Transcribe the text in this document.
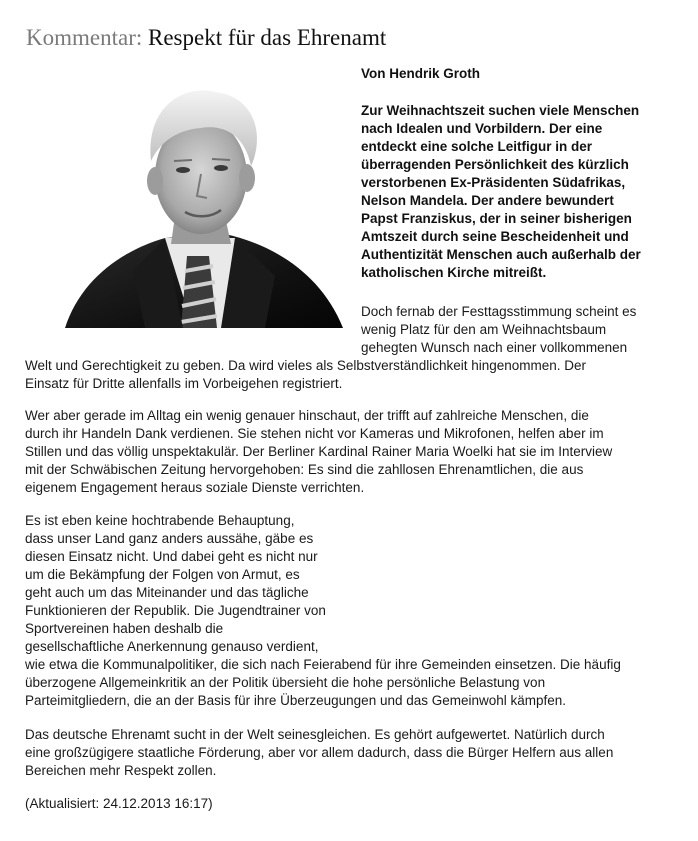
Kommentar: Respekt für das Ehrenamt
Von Hendrik Groth
Zur Weihnachtszeit suchen viele Menschen
nach Idealen und Vorbildern. Der eine
entdeckt eine solche Leitfigur in der
überragenden Persönlichkeit des kürzlich
verstorbenen Ex-Präsidenten Südafrikas,
Nelson Mandela. Der andere bewundert
Papst Franziskus, der in seiner bisherigen
Amtszeit durch seine Bescheidenheit und
Authentizität Menschen auch außerhalb der
katholischen Kirche mitreißt.
Doch fernab der Festtagsstimmung scheint es
wenig Platz für den am Weihnachtsbaum
gehegten Wunsch nach einer vollkommenen
Welt und Gerechtigkeit zu geben. Da wird vieles als Selbstverständlichkeit hingenommen. Der
Einsatz für Dritte allenfalls im Vorbeigehen registriert.
Wer aber gerade im Alltag ein wenig genauer hinschaut, der trifft auf zahlreiche Menschen, die
durch ihr Handeln Dank verdienen. Sie stehen nicht vor Kameras und Mikrofonen, helfen aber im
Stillen und das völlig unspektakulär. Der Berliner Kardinal Rainer Maria Woelki hat sie im Interview
mit der Schwäbischen Zeitung hervorgehoben: Es sind die zahllosen Ehrenamtlichen, die aus
eigenem Engagement heraus soziale Dienste verrichten.
Es ist eben keine hochtrabende Behauptung,
dass unser Land ganz anders aussähe, gäbe es
diesen Einsatz nicht. Und dabei geht es nicht nur
um die Bekämpfung der Folgen von Armut, es
geht auch um das Miteinander und das tägliche
Funktionieren der Republik. Die Jugendtrainer von
Sportvereinen haben deshalb die
gesellschaftliche Anerkennung genauso verdient,
wie etwa die Kommunalpolitiker, die sich nach Feierabend für ihre Gemeinden einsetzen. Die häufig
überzogene Allgemeinkritik an der Politik übersieht die hohe persönliche Belastung von
Parteimitgliedern, die an der Basis für ihre Überzeugungen und das Gemeinwohl kämpfen.
Das deutsche Ehrenamt sucht in der Welt seinesgleichen. Es gehört aufgewertet. Natürlich durch
eine großzügigere staatliche Förderung, aber vor allem dadurch, dass die Bürger Helfern aus allen
Bereichen mehr Respekt zollen.
(Aktualisiert: 24.12.2013 16:17)
